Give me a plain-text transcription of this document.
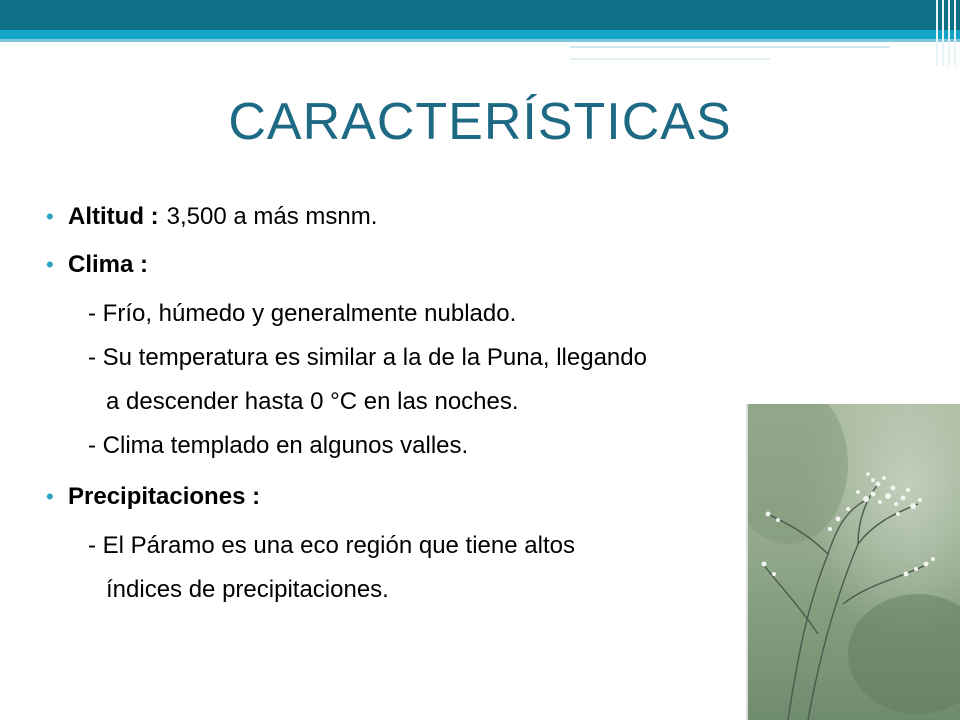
CARACTERÍSTICAS
• Altitud : 3,500 a más msnm.
• Clima :
- Frío, húmedo y generalmente nublado.
- Su temperatura es similar a la de la Puna, llegando
a descender hasta 0 °C en las noches.
- Clima templado en algunos valles.
• Precipitaciones :
- El Páramo es una eco región que tiene altos
índices de precipitaciones.
